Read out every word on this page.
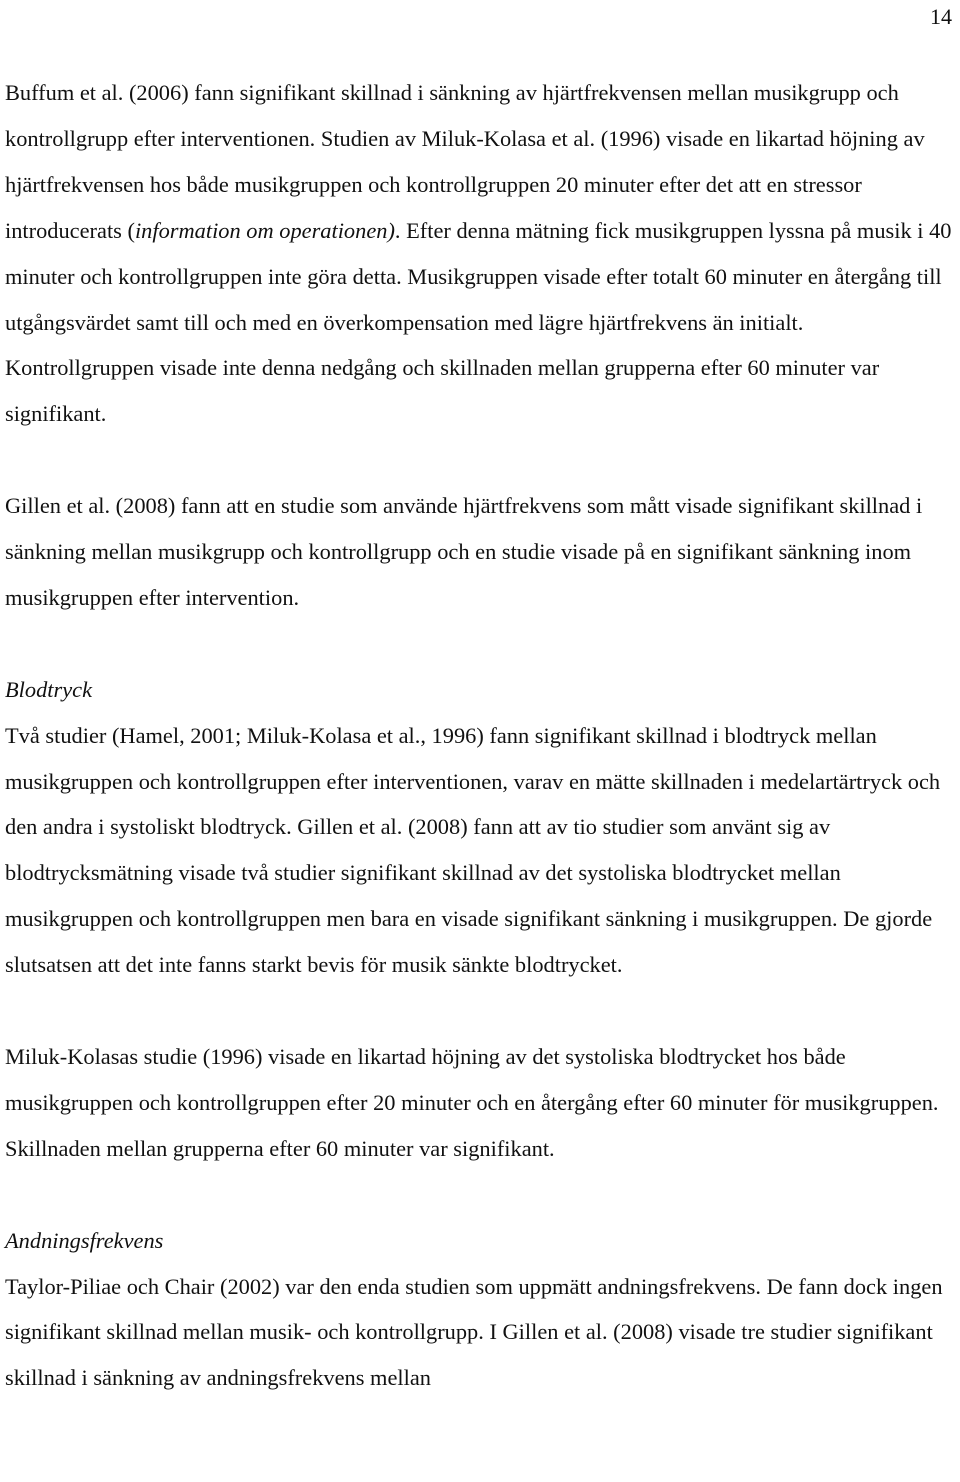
14

Buffum et al. (2006) fann signifikant skillnad i sänkning av hjärtfrekvensen mellan musikgrupp och kontrollgrupp efter interventionen. Studien av Miluk-Kolasa et al. (1996) visade en likartad höjning av hjärtfrekvensen hos både musikgruppen och kontrollgruppen 20 minuter efter det att en stressor introducerats (information om operationen). Efter denna mätning fick musikgruppen lyssna på musik i 40 minuter och kontrollgruppen inte göra detta. Musikgruppen visade efter totalt 60 minuter en återgång till utgångsvärdet samt till och med en överkompensation med lägre hjärtfrekvens än initialt. Kontrollgruppen visade inte denna nedgång och skillnaden mellan grupperna efter 60 minuter var signifikant.

Gillen et al. (2008) fann att en studie som använde hjärtfrekvens som mått visade signifikant skillnad i sänkning mellan musikgrupp och kontrollgrupp och en studie visade på en signifikant sänkning inom musikgruppen efter intervention.

Blodtryck

Två studier (Hamel, 2001; Miluk-Kolasa et al., 1996) fann signifikant skillnad i blodtryck mellan musikgruppen och kontrollgruppen efter interventionen, varav en mätte skillnaden i medelartärtryck och den andra i systoliskt blodtryck. Gillen et al. (2008) fann att av tio studier som använt sig av blodtrycksmätning visade två studier signifikant skillnad av det systoliska blodtrycket mellan musikgruppen och kontrollgruppen men bara en visade signifikant sänkning i musikgruppen. De gjorde slutsatsen att det inte fanns starkt bevis för musik sänkte blodtrycket.

Miluk-Kolasas studie (1996) visade en likartad höjning av det systoliska blodtrycket hos både musikgruppen och kontrollgruppen efter 20 minuter och en återgång efter 60 minuter för musikgruppen. Skillnaden mellan grupperna efter 60 minuter var signifikant.

Andningsfrekvens

Taylor-Piliae och Chair (2002) var den enda studien som uppmätt andningsfrekvens. De fann dock ingen signifikant skillnad mellan musik- och kontrollgrupp. I Gillen et al. (2008) visade tre studier signifikant skillnad i sänkning av andningsfrekvens mellan
